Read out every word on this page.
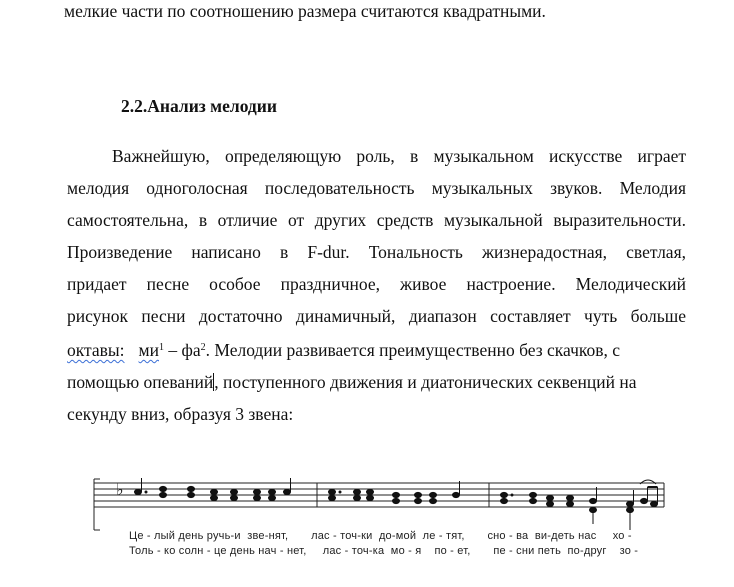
мелкие части по соотношению размера считаются квадратными.
2.2.Анализ мелодии
Важнейшую, определяющую роль, в музыкальном искусстве играет
мелодия одноголосная последовательность музыкальных звуков. Мелодия
самостоятельна, в отличие от других средств музыкальной выразительности.
Произведение написано в F-dur. Тональность жизнерадостная, светлая,
придает песне особое праздничное, живое настроение. Мелодический
рисунок песни достаточно динамичный, диапазон составляет чуть больше
октавы: $ми^1 - фа^2$. Мелодии развивается преимущественно без скачков, с
помощью опеваний, поступенного движения и диатонических секвенций на
секунду вниз, образуя 3 звена:
♭
Це - лый день ручь-и  зве-нят,       лас - точ-ки  до-мой  ле - тят,       сно - ва  ви-деть нас     хо -
Толь - ко солн - це день нач - нет,     лас - точ-ка  мо - я    по - ет,       пе - сни петь  по-друг    зо -
